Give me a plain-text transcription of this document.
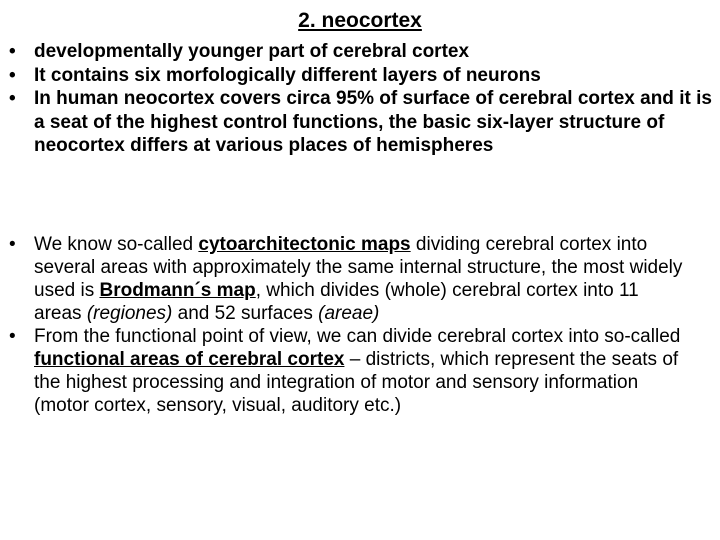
2. neocortex
• developmentally younger part of cerebral cortex
• It contains six morfologically different layers of neurons
• In human neocortex covers circa 95% of surface of cerebral cortex and it is a seat of the highest control functions, the basic six-layer structure of neocortex differs at various places of hemispheres
• We know so-called cytoarchitectonic maps dividing cerebral cortex into several areas with approximately the same internal structure, the most widely used is Brodmann´s map, which divides (whole) cerebral cortex into 11 areas (regiones) and 52 surfaces (areae)
• From the functional point of view, we can divide cerebral cortex into so-called functional areas of cerebral cortex – districts, which represent the seats of the highest processing and integration of motor and sensory information (motor cortex, sensory, visual, auditory etc.)
